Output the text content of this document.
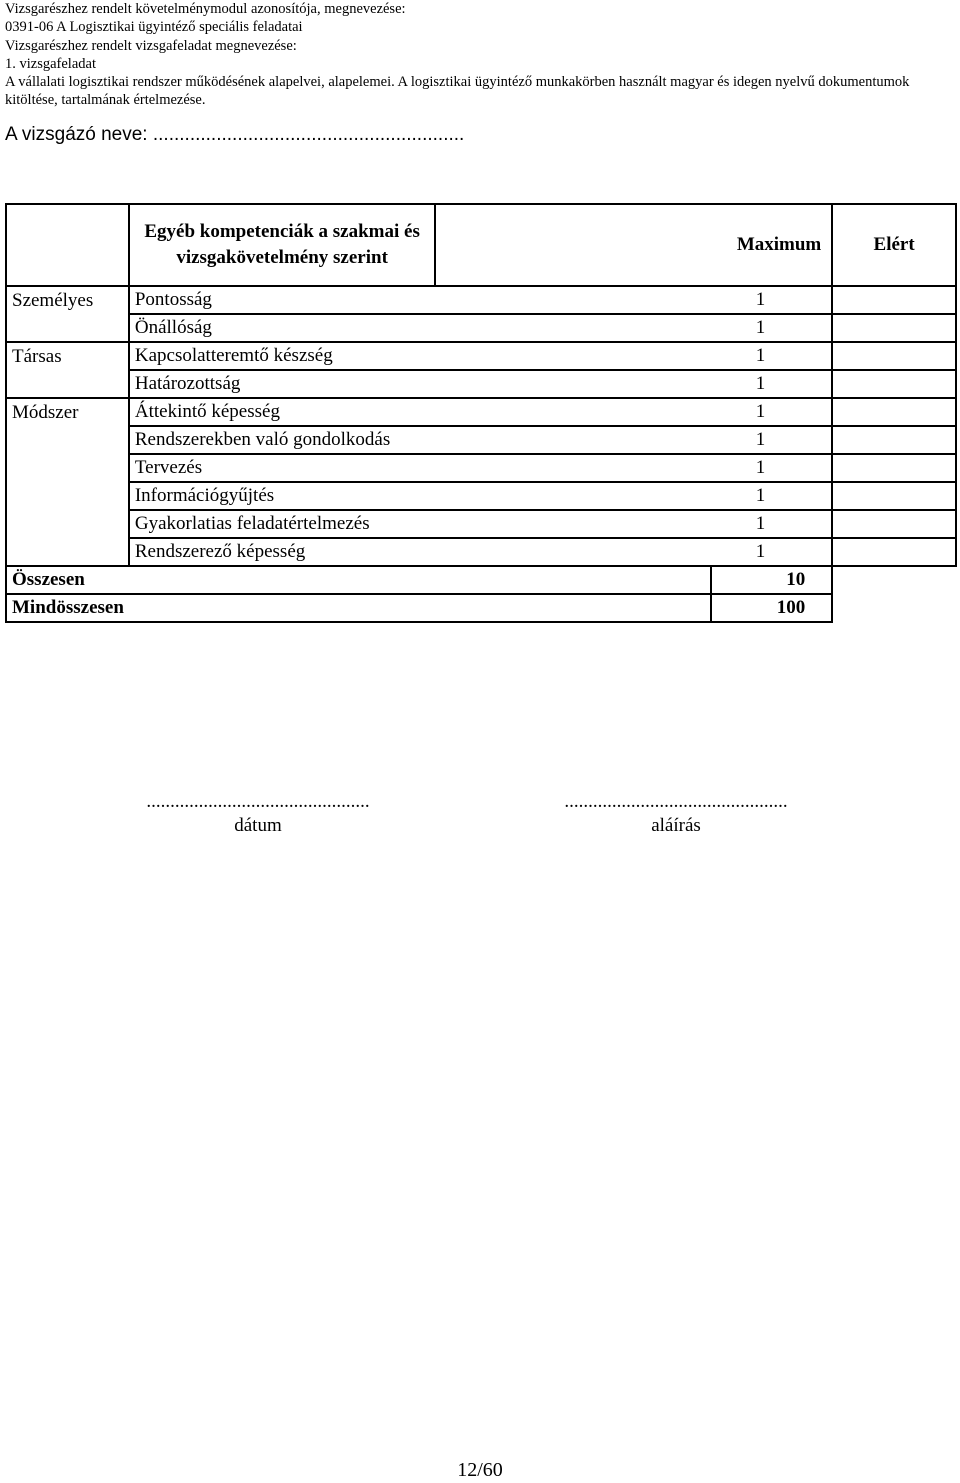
Vizsgarészhez rendelt követelménymodul azonosítója, megnevezése:
0391-06 A Logisztikai ügyintéző speciális feladatai
Vizsgarészhez rendelt vizsgafeladat megnevezése:
1. vizsgafeladat
A vállalati logisztikai rendszer működésének alapelvei, alapelemei. A logisztikai ügyintéző munkakörben használt magyar és idegen nyelvű dokumentumok kitöltése, tartalmának értelmezése.
A vizsgázó neve: ...........................................................
	Egyéb kompetenciák a szakmai és vizsgakövetelmény szerint	Maximum		Elért
Személyes	Pontosság		1	
	Önállóság		1	
Társas	Kapcsolatteremtő készség		1	
	Határozottság		1	
Módszer	Áttekintő képesség		1	
	Rendszerekben való gondolkodás		1	
	Tervezés		1	
	Információgyűjtés		1	
	Gyakorlatias feladatértelmezés		1	
	Rendszerező képesség		1	
Összesen			10	
Mindösszesen			100	
...............................................
dátum
...............................................
aláírás
12/60
